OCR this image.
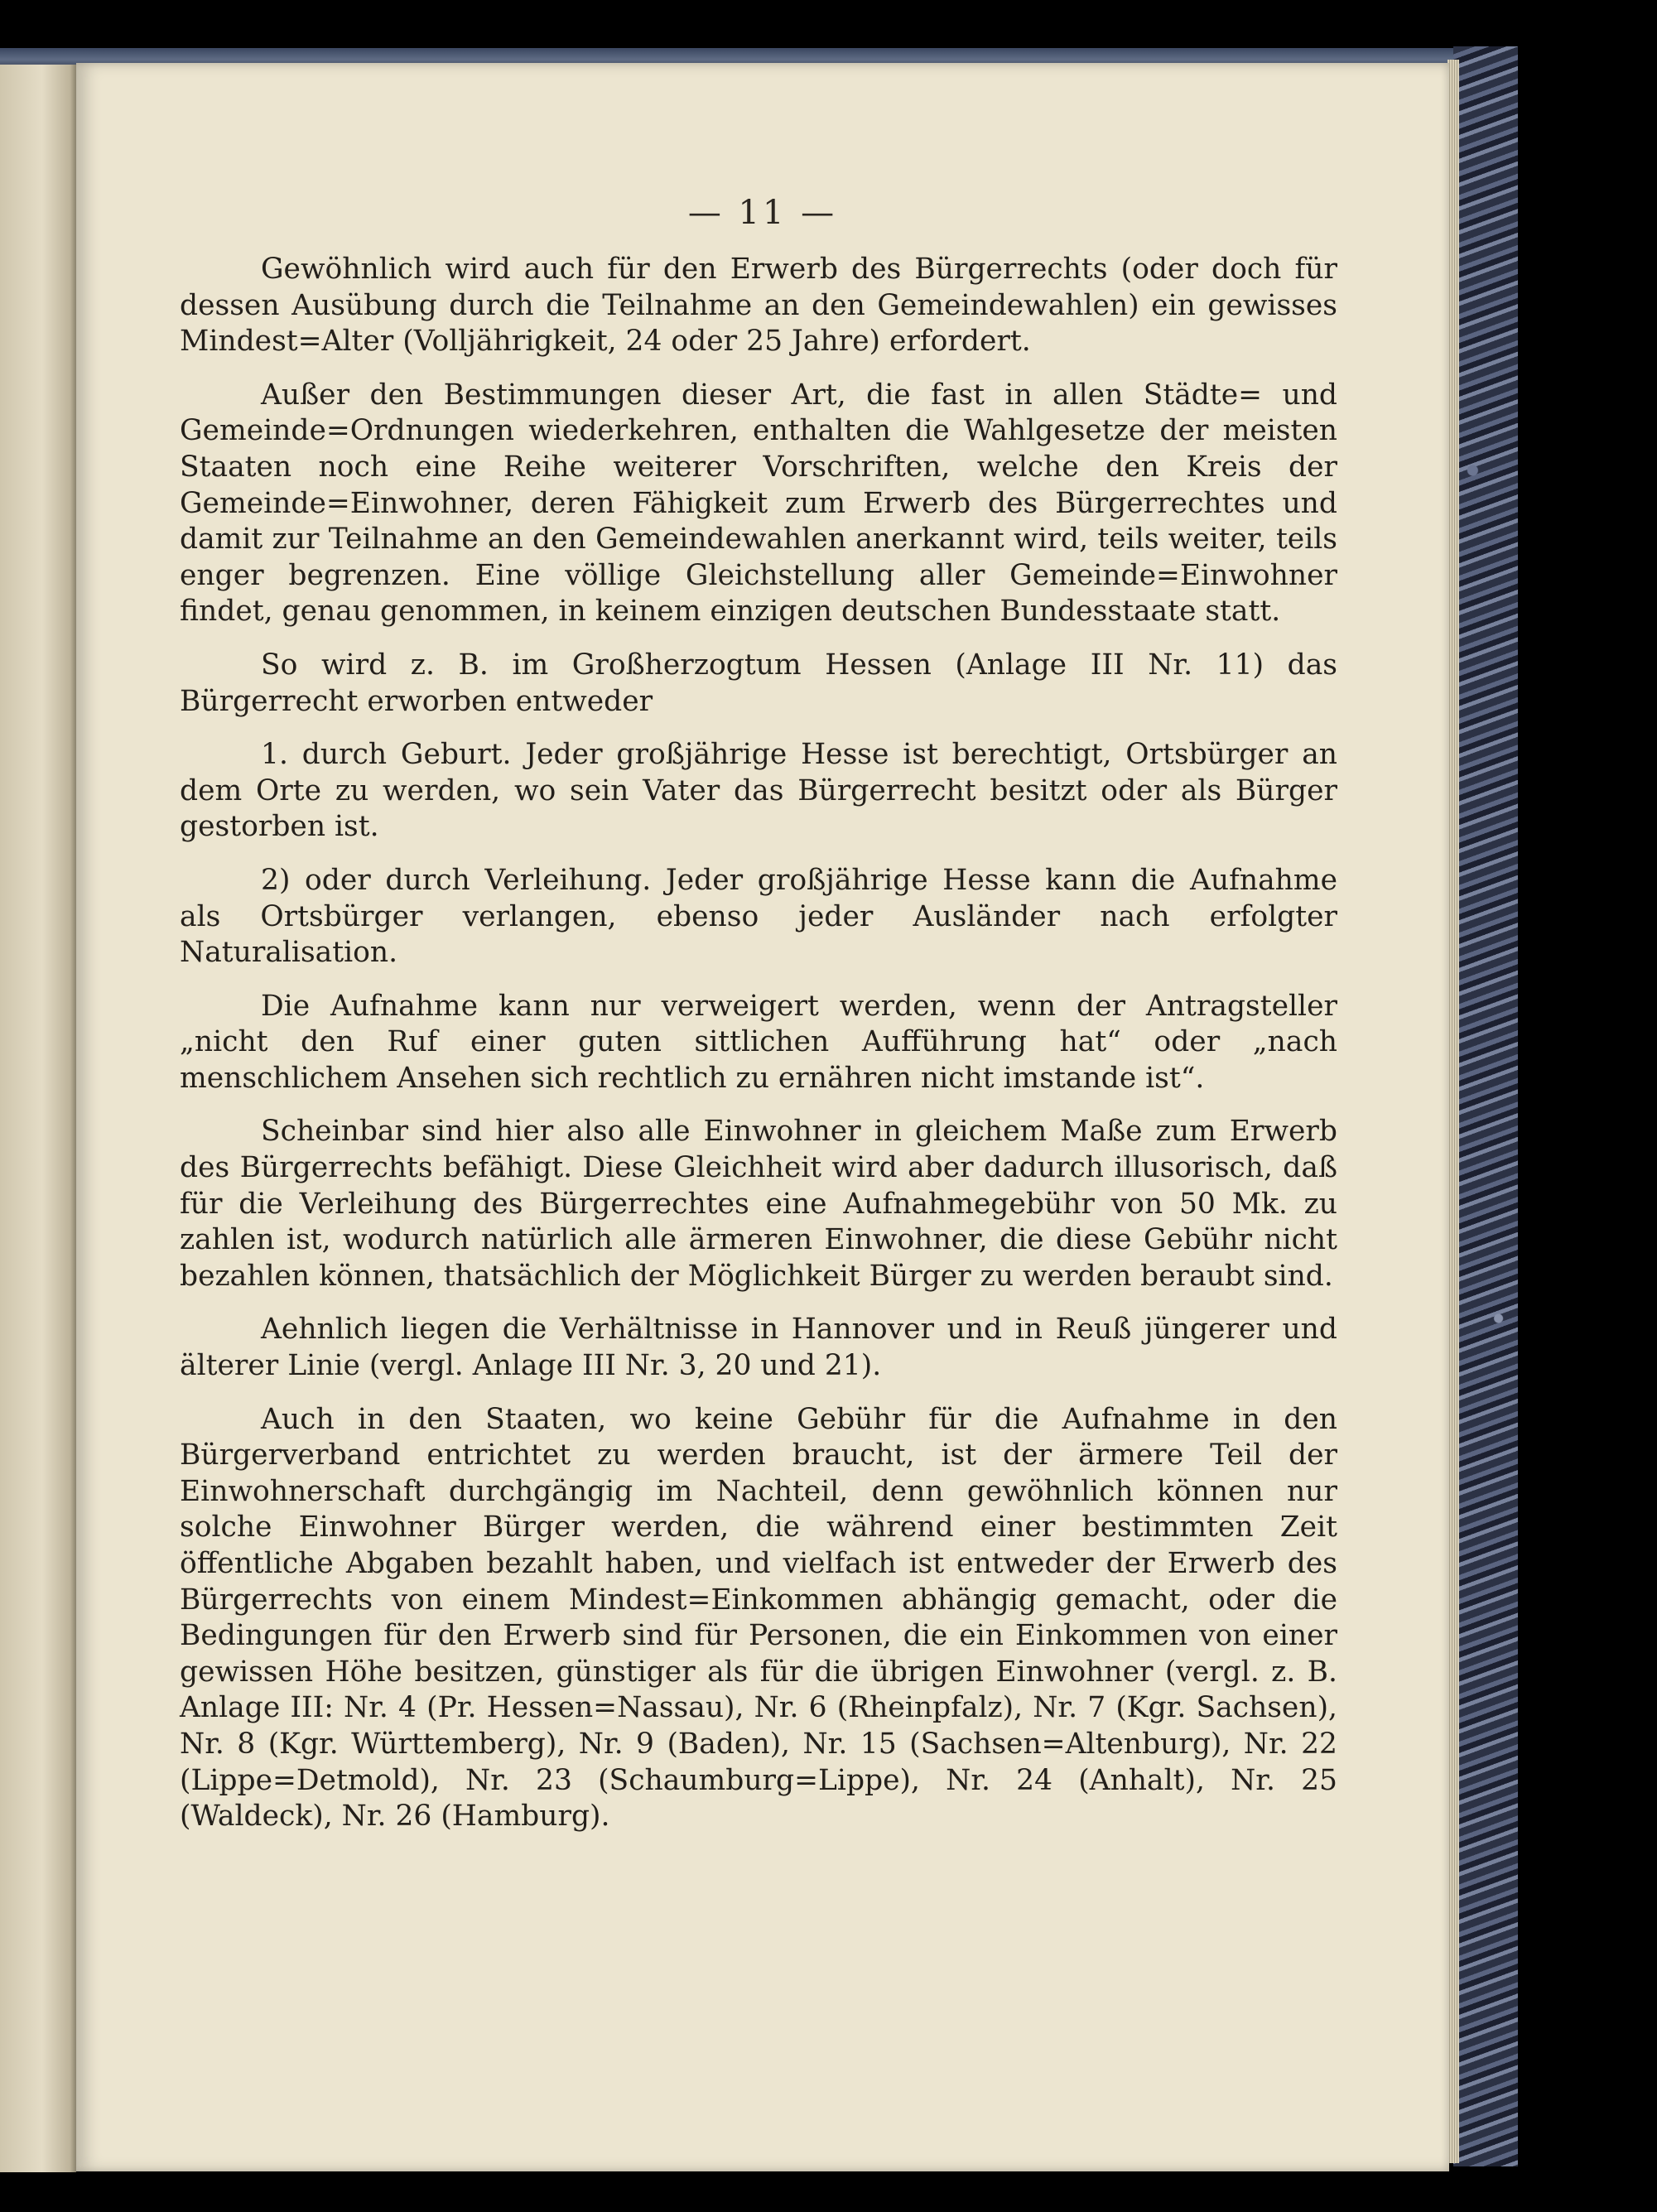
— 11 —

Gewöhnlich wird auch für den Erwerb des Bürgerrechts (oder doch für dessen Ausübung durch die Teilnahme an den Gemeindewahlen) ein gewisses Mindest=Alter (Volljährigkeit, 24 oder 25 Jahre) erfordert.

Außer den Bestimmungen dieser Art, die fast in allen Städte= und Gemeinde=Ordnungen wiederkehren, enthalten die Wahlgesetze der meisten Staaten noch eine Reihe weiterer Vorschriften, welche den Kreis der Gemeinde=Einwohner, deren Fähigkeit zum Erwerb des Bürgerrechtes und damit zur Teilnahme an den Gemeindewahlen anerkannt wird, teils weiter, teils enger begrenzen. Eine völlige Gleichstellung aller Gemeinde=Einwohner findet, genau genommen, in keinem einzigen deutschen Bundesstaate statt.

So wird z. B. im Großherzogtum Hessen (Anlage III Nr. 11) das Bürgerrecht erworben entweder

1. durch Geburt. Jeder großjährige Hesse ist berechtigt, Ortsbürger an dem Orte zu werden, wo sein Vater das Bürgerrecht besitzt oder als Bürger gestorben ist.

2) oder durch Verleihung. Jeder großjährige Hesse kann die Aufnahme als Ortsbürger verlangen, ebenso jeder Ausländer nach erfolgter Naturalisation.

Die Aufnahme kann nur verweigert werden, wenn der Antragsteller „nicht den Ruf einer guten sittlichen Aufführung hat“ oder „nach menschlichem Ansehen sich rechtlich zu ernähren nicht imstande ist“.

Scheinbar sind hier also alle Einwohner in gleichem Maße zum Erwerb des Bürgerrechts befähigt. Diese Gleichheit wird aber dadurch illusorisch, daß für die Verleihung des Bürgerrechtes eine Aufnahmegebühr von 50 Mk. zu zahlen ist, wodurch natürlich alle ärmeren Einwohner, die diese Gebühr nicht bezahlen können, thatsächlich der Möglichkeit Bürger zu werden beraubt sind.

Aehnlich liegen die Verhältnisse in Hannover und in Reuß jüngerer und älterer Linie (vergl. Anlage III Nr. 3, 20 und 21).

Auch in den Staaten, wo keine Gebühr für die Aufnahme in den Bürgerverband entrichtet zu werden braucht, ist der ärmere Teil der Einwohnerschaft durchgängig im Nachteil, denn gewöhnlich können nur solche Einwohner Bürger werden, die während einer bestimmten Zeit öffentliche Abgaben bezahlt haben, und vielfach ist entweder der Erwerb des Bürgerrechts von einem Mindest=Einkommen abhängig gemacht, oder die Bedingungen für den Erwerb sind für Personen, die ein Einkommen von einer gewissen Höhe besitzen, günstiger als für die übrigen Einwohner (vergl. z. B. Anlage III: Nr. 4 (Pr. Hessen=Nassau), Nr. 6 (Rheinpfalz), Nr. 7 (Kgr. Sachsen), Nr. 8 (Kgr. Württemberg), Nr. 9 (Baden), Nr. 15 (Sachsen=Altenburg), Nr. 22 (Lippe=Detmold), Nr. 23 (Schaumburg=Lippe), Nr. 24 (Anhalt), Nr. 25 (Waldeck), Nr. 26 (Hamburg).
